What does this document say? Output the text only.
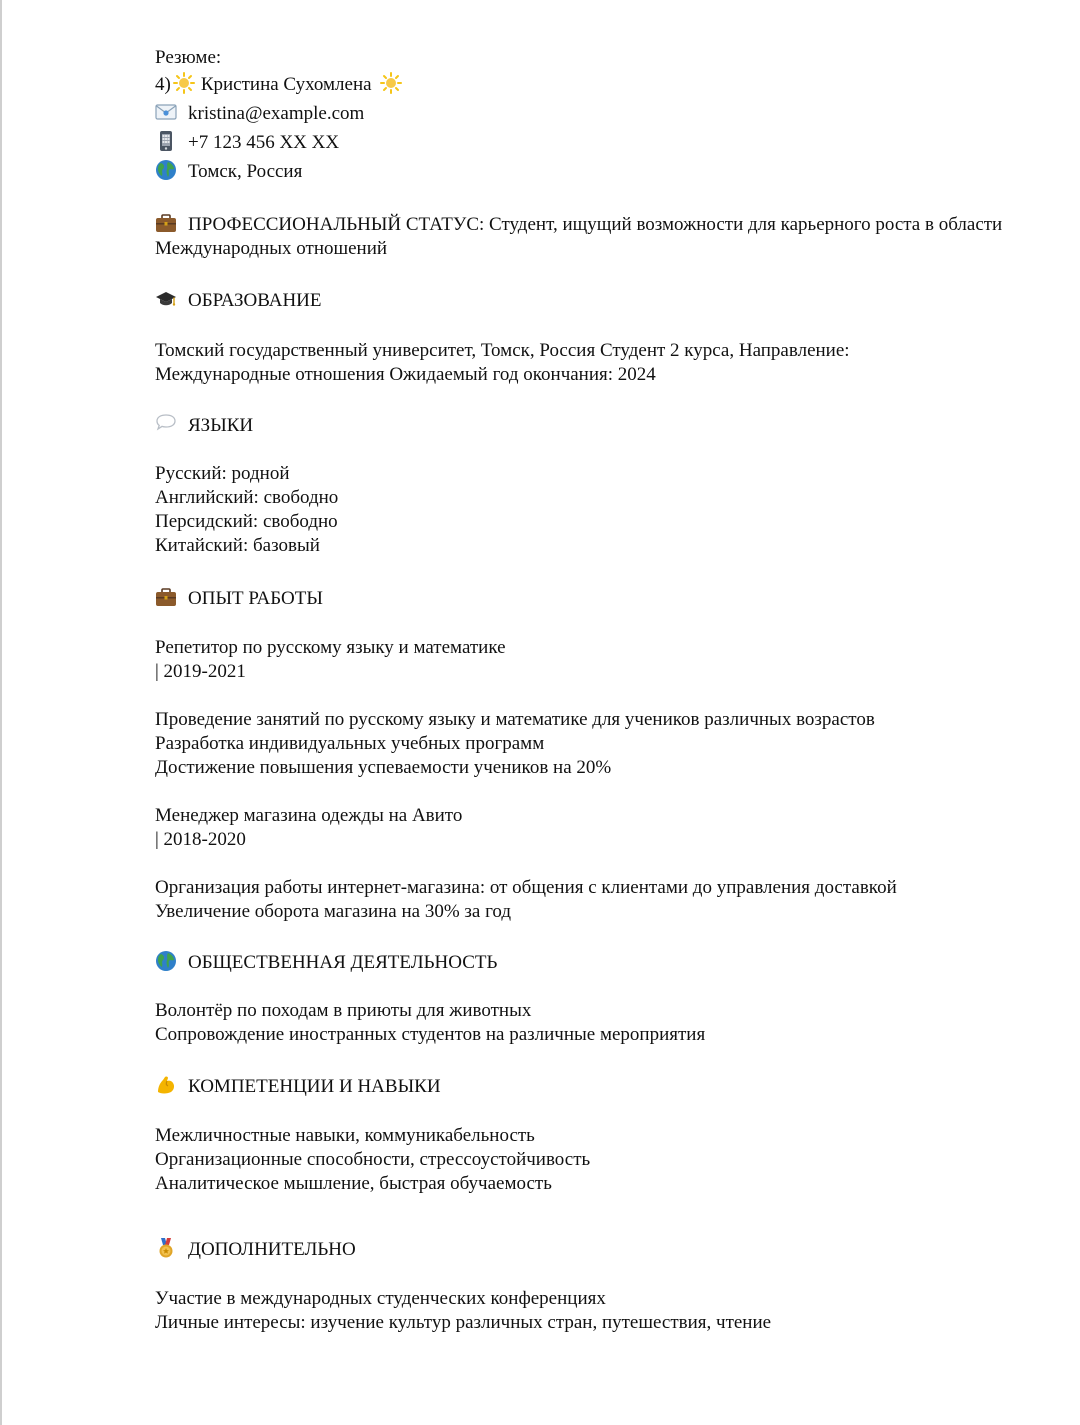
Резюме:
4) Кристина Сухомлена
kristina@example.com
+7 123 456 XX XX
Томск, Россия
ПРОФЕССИОНАЛЬНЫЙ СТАТУС: Студент, ищущий возможности для карьерного роста в области Международных отношений
ОБРАЗОВАНИЕ
Томский государственный университет, Томск, Россия Студент 2 курса, Направление:
Международные отношения Ожидаемый год окончания: 2024
ЯЗЫКИ
Русский: родной
Английский: свободно
Персидский: свободно
Китайский: базовый
ОПЫТ РАБОТЫ
Репетитор по русскому языку и математике
| 2019-2021
Проведение занятий по русскому языку и математике для учеников различных возрастов
Разработка индивидуальных учебных программ
Достижение повышения успеваемости учеников на 20%
Менеджер магазина одежды на Авито
| 2018-2020
Организация работы интернет-магазина: от общения с клиентами до управления доставкой
Увеличение оборота магазина на 30% за год
ОБЩЕСТВЕННАЯ ДЕЯТЕЛЬНОСТЬ
Волонтёр по походам в приюты для животных
Сопровождение иностранных студентов на различные мероприятия
КОМПЕТЕНЦИИ И НАВЫКИ
Межличностные навыки, коммуникабельность
Организационные способности, стрессоустойчивость
Аналитическое мышление, быстрая обучаемость
ДОПОЛНИТЕЛЬНО
Участие в международных студенческих конференциях
Личные интересы: изучение культур различных стран, путешествия, чтение
